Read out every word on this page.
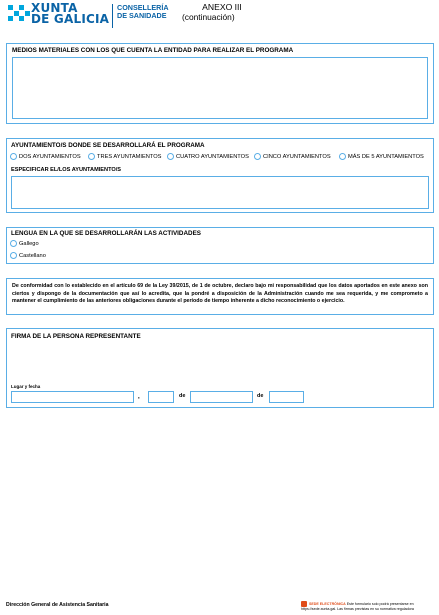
XUNTA
DE GALICIA
CONSELLERÍA
DE SANIDADE
ANEXO III
(continuación)
MEDIOS MATERIALES CON LOS QUE CUENTA LA ENTIDAD PARA REALIZAR EL PROGRAMA
AYUNTAMIENTO/S DONDE SE DESARROLLARÁ EL PROGRAMA
DOS AYUNTAMIENTOS	TRES AYUNTAMIENTOS	CUATRO AYUNTAMIENTOS CINCO AYUNTAMIENTOS	MÁS DE 5 AYUNTAMIENTOS
ESPECIFICAR EL/LOS AYUNTAMIENTO/S
LENGUA EN LA QUE SE DESARROLLARÁN LAS ACTIVIDADES
Gallego
Castellano
De conformidad con lo establecido en el artículo 69 de la Ley 39/2015, de 1 de octubre, declaro bajo mi responsabilidad que los datos aportados en este anexo son ciertos y dispongo de la documentación que así lo acredita, que la pondré a disposición de la Administración cuando me sea requerida, y me comprometo a mantener el cumplimiento de las anteriores obligaciones durante el período de tiempo inherente a dicho reconocimiento o ejercicio.
FIRMA DE LA PERSONA REPRESENTANTE
Lugar y fecha
,	de	de
Dirección General de Asistencia Sanitaria	SEDE ELECTRÓNICA Este formulario solo podrá presentarse en https://sede.xunta.gal. Las firmas previstas en su normativa reguladora
